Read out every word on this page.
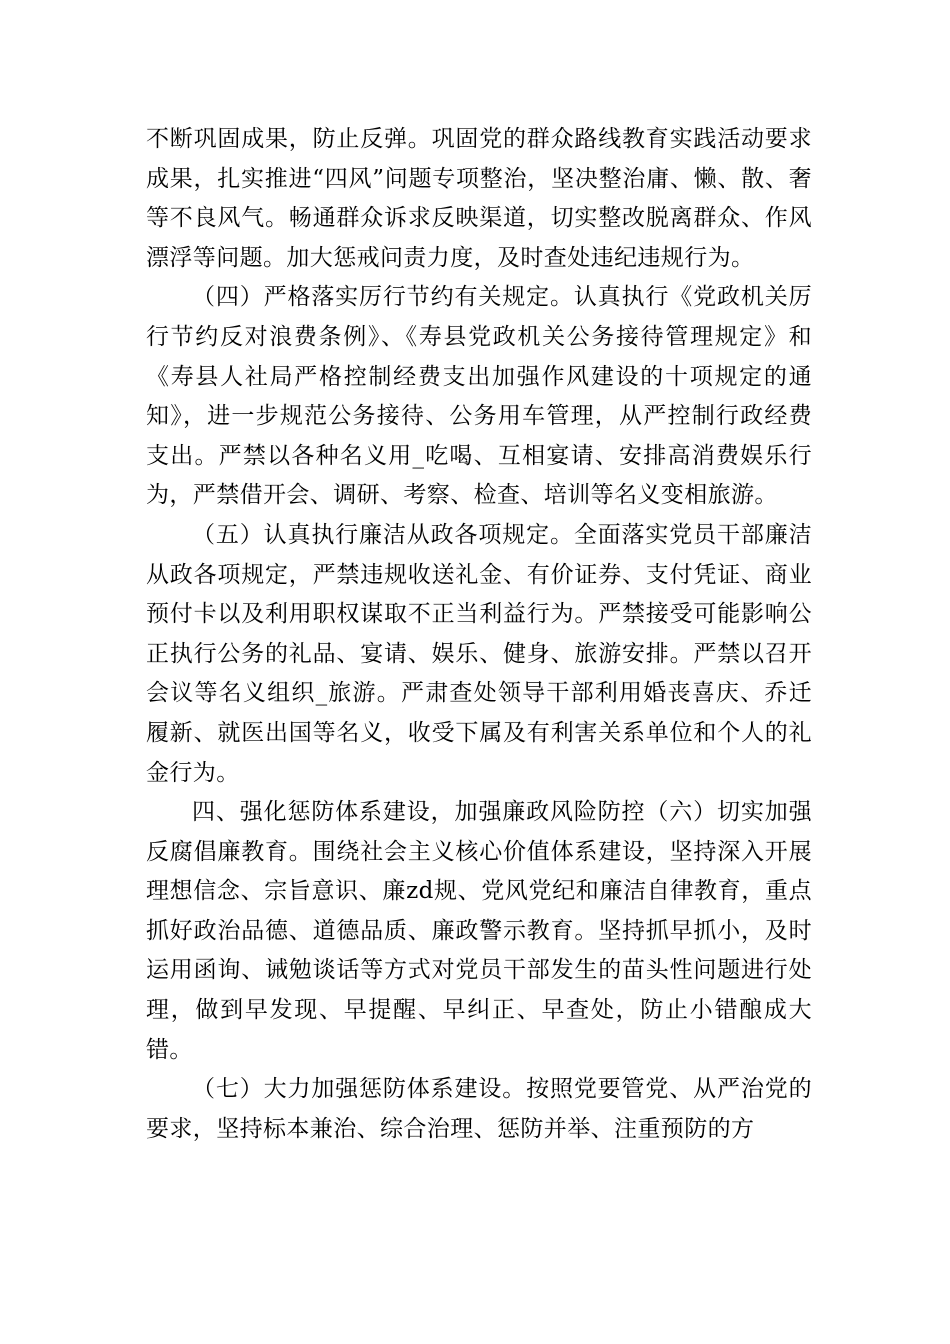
不断巩固成果，防止反弹。巩固党的群众路线教育实践活动要求成果，扎实推进“四风”问题专项整治，坚决整治庸、懒、散、奢等不良风气。畅通群众诉求反映渠道，切实整改脱离群众、作风漂浮等问题。加大惩戒问责力度，及时查处违纪违规行为。

（四）严格落实厉行节约有关规定。认真执行《党政机关厉行节约反对浪费条例》、《寿县党政机关公务接待管理规定》和《寿县人社局严格控制经费支出加强作风建设的十项规定的通知》，进一步规范公务接待、公务用车管理，从严控制行政经费支出。严禁以各种名义用_吃喝、互相宴请、安排高消费娱乐行为，严禁借开会、调研、考察、检查、培训等名义变相旅游。

（五）认真执行廉洁从政各项规定。全面落实党员干部廉洁从政各项规定，严禁违规收送礼金、有价证券、支付凭证、商业预付卡以及利用职权谋取不正当利益行为。严禁接受可能影响公正执行公务的礼品、宴请、娱乐、健身、旅游安排。严禁以召开会议等名义组织_旅游。严肃查处领导干部利用婚丧喜庆、乔迁履新、就医出国等名义，收受下属及有利害关系单位和个人的礼金行为。

四、强化惩防体系建设，加强廉政风险防控（六）切实加强反腐倡廉教育。围绕社会主义核心价值体系建设，坚持深入开展理想信念、宗旨意识、廉zd规、党风党纪和廉洁自律教育，重点抓好政治品德、道德品质、廉政警示教育。坚持抓早抓小，及时运用函询、诫勉谈话等方式对党员干部发生的苗头性问题进行处理，做到早发现、早提醒、早纠正、早查处，防止小错酿成大错。

（七）大力加强惩防体系建设。按照党要管党、从严治党的要求，坚持标本兼治、综合治理、惩防并举、注重预防的方
